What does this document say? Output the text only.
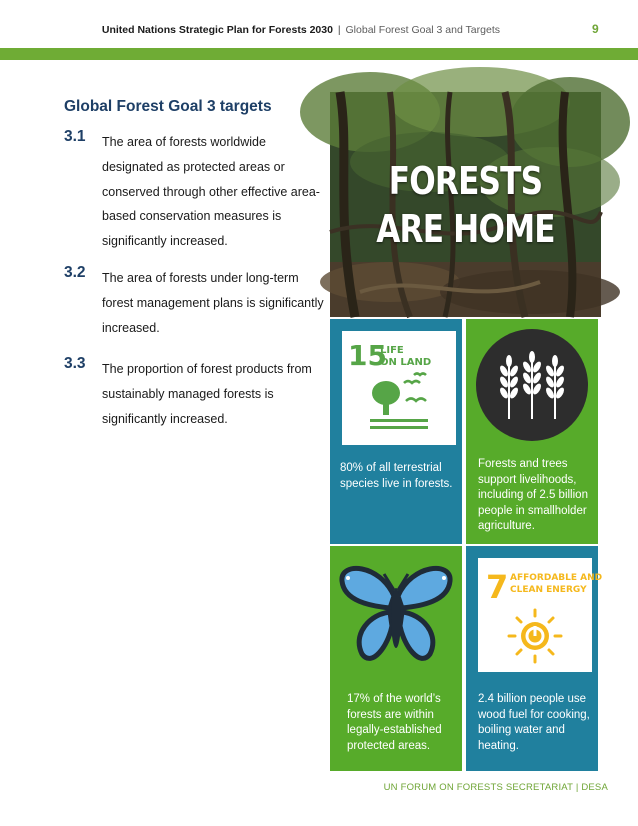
United Nations Strategic Plan for Forests 2030 | Global Forest Goal 3 and Targets	9
Global Forest Goal 3 targets
3.1 The area of forests worldwide designated as protected areas or conserved through other effective area-based conservation measures is significantly increased.
3.2 The area of forests under long-term forest management plans is significantly increased.
3.3 The proportion of forest products from sustainably managed forests is significantly increased.
FORESTS
ARE HOME
15
LIFE
ON LAND
80% of all terrestrial species live in forests.
Forests and trees support livelihoods, including of 2.5 billion people in smallholder agriculture.
17% of the world’s forests are within legally-established protected areas.
7 AFFORDABLE AND
CLEAN ENERGY
2.4 billion people use wood fuel for cooking, boiling water and heating.
UN FORUM ON FORESTS SECRETARIAT | DESA
